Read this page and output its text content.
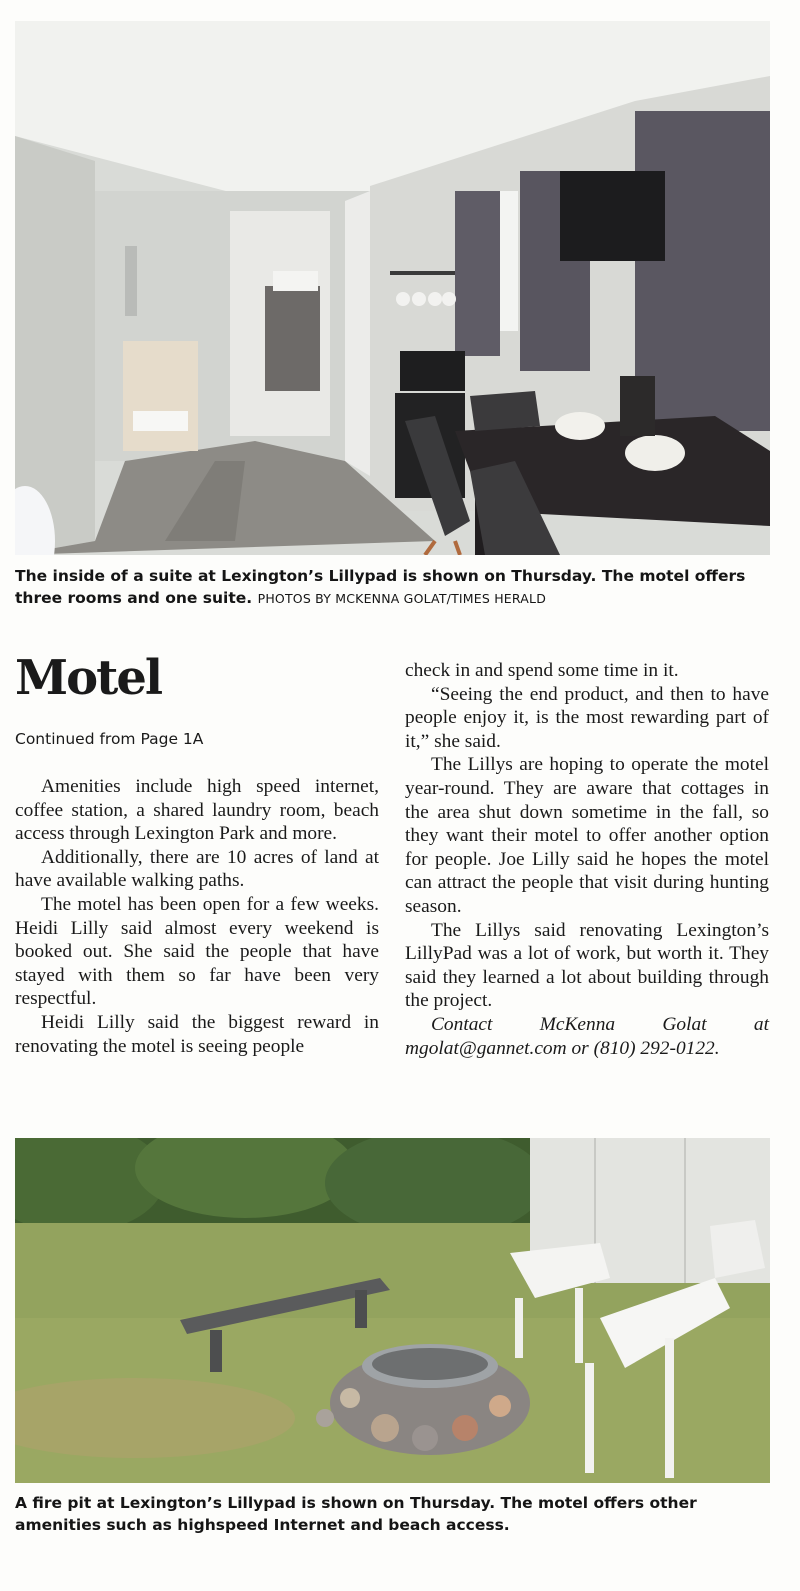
The inside of a suite at Lexington’s Lillypad is shown on Thursday. The motel offers three rooms and one suite. PHOTOS BY MCKENNA GOLAT/TIMES HERALD
Motel
Continued from Page 1A

Amenities include high speed internet, coffee station, a shared laundry room, beach access through Lexington Park and more.

Additionally, there are 10 acres of land at have available walking paths.

The motel has been open for a few weeks. Heidi Lilly said almost every weekend is booked out. She said the people that have stayed with them so far have been very respectful.

Heidi Lilly said the biggest reward in renovating the motel is seeing people

check in and spend some time in it.

“Seeing the end product, and then to have people enjoy it, is the most rewarding part of it,” she said.

The Lillys are hoping to operate the motel year-round. They are aware that cottages in the area shut down sometime in the fall, so they want their motel to offer another option for people. Joe Lilly said he hopes the motel can attract the people that visit during hunting season.

The Lillys said renovating Lexington’s LillyPad was a lot of work, but worth it. They said they learned a lot about building through the project.

Contact McKenna Golat at mgolat@gannet.com or (810) 292-0122.

A fire pit at Lexington’s Lillypad is shown on Thursday. The motel offers other amenities such as highspeed Internet and beach access.
